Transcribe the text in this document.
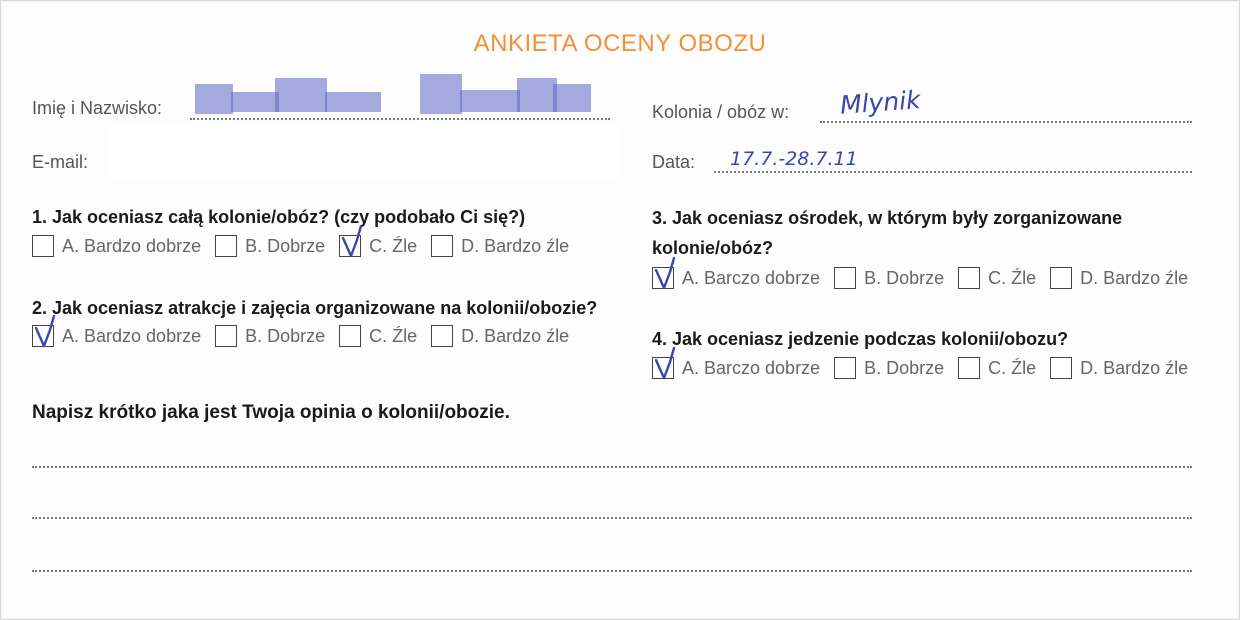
ANKIETA OCENY OBOZU
Imię i Nazwisko:
E-mail:
Kolonia / obóz w: Mlynik
Data: 17.7.-28.7.11
1. Jak oceniasz całą kolonie/obóz? (czy podobało Ci się?)
A. Bardzo dobrze B. Dobrze C. Źle D. Bardzo źle
2. Jak oceniasz atrakcje i zajęcia organizowane na kolonii/obozie?
A. Bardzo dobrze B. Dobrze C. Źle D. Bardzo źle
3. Jak oceniasz ośrodek, w którym były zorganizowane
kolonie/obóz?
A. Barczo dobrze B. Dobrze C. Źle D. Bardzo źle
4. Jak oceniasz jedzenie podczas kolonii/obozu?
A. Barczo dobrze B. Dobrze C. Źle D. Bardzo źle
Napisz krótko jaka jest Twoja opinia o kolonii/obozie.
